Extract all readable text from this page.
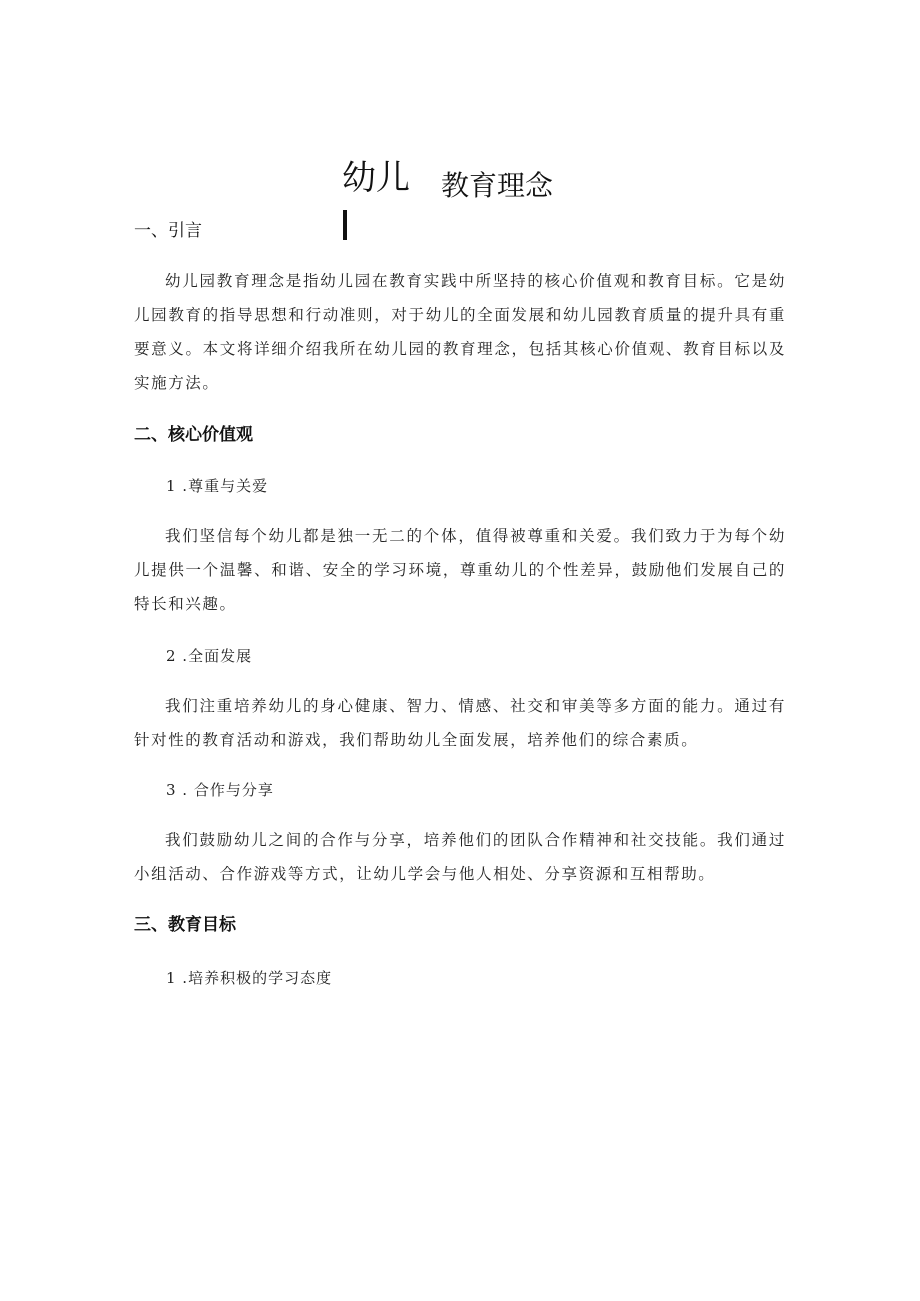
幼儿 教育理念
一、引言
幼儿园教育理念是指幼儿园在教育实践中所坚持的核心价值观和教育目标。它是幼儿园教育的指导思想和行动准则，对于幼儿的全面发展和幼儿园教育质量的提升具有重要意义。本文将详细介绍我所在幼儿园的教育理念，包括其核心价值观、教育目标以及实施方法。
二、核心价值观
1 .尊重与关爱
我们坚信每个幼儿都是独一无二的个体，值得被尊重和关爱。我们致力于为每个幼儿提供一个温馨、和谐、安全的学习环境，尊重幼儿的个性差异，鼓励他们发展自己的特长和兴趣。
2 .全面发展
我们注重培养幼儿的身心健康、智力、情感、社交和审美等多方面的能力。通过有针对性的教育活动和游戏，我们帮助幼儿全面发展，培养他们的综合素质。
3 . 合作与分享
我们鼓励幼儿之间的合作与分享，培养他们的团队合作精神和社交技能。我们通过小组活动、合作游戏等方式，让幼儿学会与他人相处、分享资源和互相帮助。
三、教育目标
1 .培养积极的学习态度
